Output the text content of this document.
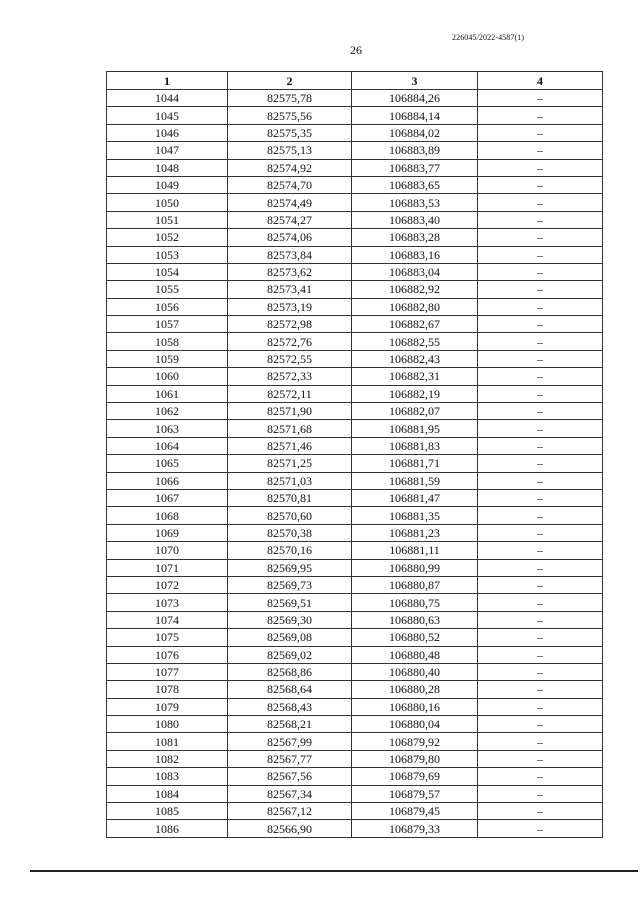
226045/2022-4587(1)
26
1	2	3	4
1044	82575,78	106884,26	–
1045	82575,56	106884,14	–
1046	82575,35	106884,02	–
1047	82575,13	106883,89	–
1048	82574,92	106883,77	–
1049	82574,70	106883,65	–
1050	82574,49	106883,53	–
1051	82574,27	106883,40	–
1052	82574,06	106883,28	–
1053	82573,84	106883,16	–
1054	82573,62	106883,04	–
1055	82573,41	106882,92	–
1056	82573,19	106882,80	–
1057	82572,98	106882,67	–
1058	82572,76	106882,55	–
1059	82572,55	106882,43	–
1060	82572,33	106882,31	–
1061	82572,11	106882,19	–
1062	82571,90	106882,07	–
1063	82571,68	106881,95	–
1064	82571,46	106881,83	–
1065	82571,25	106881,71	–
1066	82571,03	106881,59	–
1067	82570,81	106881,47	–
1068	82570,60	106881,35	–
1069	82570,38	106881,23	–
1070	82570,16	106881,11	–
1071	82569,95	106880,99	–
1072	82569,73	106880,87	–
1073	82569,51	106880,75	–
1074	82569,30	106880,63	–
1075	82569,08	106880,52	–
1076	82569,02	106880,48	–
1077	82568,86	106880,40	–
1078	82568,64	106880,28	–
1079	82568,43	106880,16	–
1080	82568,21	106880,04	–
1081	82567,99	106879,92	–
1082	82567,77	106879,80	–
1083	82567,56	106879,69	–
1084	82567,34	106879,57	–
1085	82567,12	106879,45	–
1086	82566,90	106879,33	–
